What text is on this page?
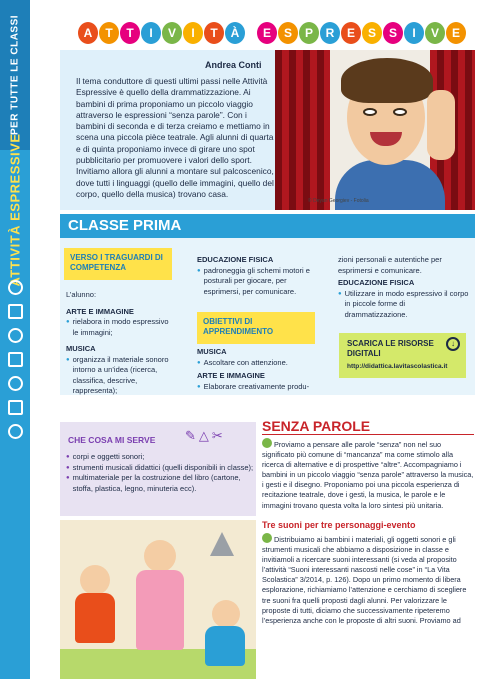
PER TUTTE LE CLASSI
ATTIVITÀ ESPRESSIVE
A	T	T	I	V	I	T	À	E	S	P	R	E	S	S	I	V	E
Andrea Conti
Il tema conduttore di questi ultimi passi nelle Attività Espressive è quello della drammatizzazione. Ai bambini di prima proponiamo un piccolo viaggio attraverso le espressioni “senza parole”. Con i bambini di seconda e di terza creiamo e mettiamo in scena una piccola pièce teatrale. Agli alunni di quarta e di quinta proponiamo invece di girare uno spot pubblicitario per promuovere i valori dello sport. Invitiamo allora gli alunni a montare sul palcoscenico, dove tutti i linguaggi (quello delle immagini, quello del corpo, quello della musica) trovano casa.
© Deyan Georgiev - Fotolia
CLASSE PRIMA
VERSO I TRAGUARDI DI COMPETENZA
L’alunno:
ARTE E IMMAGINE
● rielabora in modo espressivo le immagini;
MUSICA
● organizza il materiale sonoro intorno a un’idea (ricerca, classifica, descrive, rappresenta);
EDUCAZIONE FISICA
● padroneggia gli schemi motori e posturali per giocare, per esprimersi, per comunicare.
OBIETTIVI DI APPRENDIMENTO
MUSICA
● Ascoltare con attenzione.
ARTE E IMMAGINE
● Elaborare creativamente produ-
zioni personali e autentiche per esprimersi e comunicare.
EDUCAZIONE FISICA
● Utilizzare in modo espressivo il corpo in piccole forme di drammatizzazione.
SCARICA LE RISORSE DIGITALI
http://didattica.lavitascolastica.it
↓
CHE COSA MI SERVE ✎△✂
● corpi e oggetti sonori;
● strumenti musicali didattici (quelli disponibili in classe);
● multimateriale per la costruzione del libro (cartone, stoffa, plastica, legno, minuteria ecc).
SENZA PAROLE
Proviamo a pensare alle parole “senza” non nel suo significato più comune di “mancanza” ma come stimolo alla ricerca di alternative e di prospettive “altre”. Accompagniamo i bambini in un piccolo viaggio “senza parole” attraverso la musica, i gesti e il disegno. Proponiamo poi una piccola esperienza di recitazione teatrale, dove i gesti, la musica, le parole e le immagini trovano questa volta la loro sintesi più unitaria.
Tre suoni per tre personaggi-evento
Distribuiamo ai bambini i materiali, gli oggetti sonori e gli strumenti musicali che abbiamo a disposizione in classe e invitiamoli a ricercare suoni interessanti (si veda al proposito l’attività “Suoni interessanti nascosti nelle cose” in “La Vita Scolastica” 3/2014, p. 126). Dopo un primo momento di libera esplorazione, richiamiamo l’attenzione e cerchiamo di scegliere tre suoni fra quelli proposti dagli alunni. Per valorizzare le proposte di tutti, diciamo che successivamente ripeteremo l’esperienza anche con le proposte di altri suoni. Proviamo ad
